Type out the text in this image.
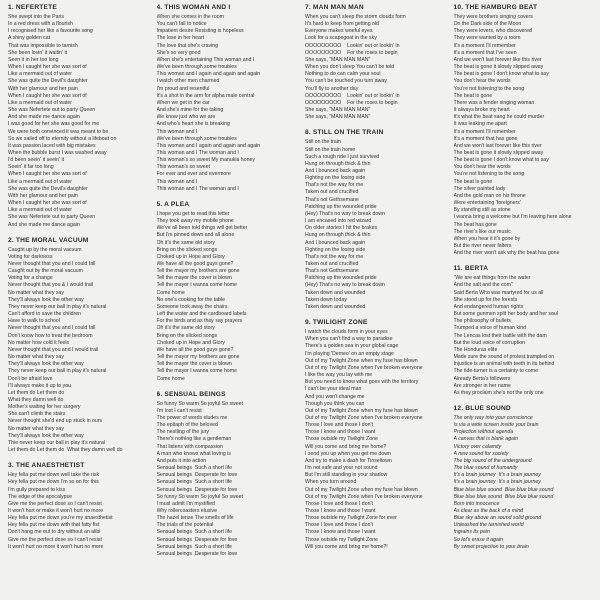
1. NEFERTETE
She swept into the Paris
In a red dress with a flourish
I recognised her like a favourite song
A shiny golden cat
That was impossible to tarnish
She been lovin' it waitin' it
Seen it in her too long
When I caught her she was sort of
Like a mermaid out of water
She was quite the Devil's daughter
With her glamour and her pain
When I caught her she was sort of
Like a mermaid out of water
She was Nefertete out to party Queen
And she made me dance again
I was good for her she was good for me
We were both convinced it was meant to be
So we sailed off to eternity without a lifeboat on
It was passion laced with big mistakes
When the bubble burst I was washed away
I'd been seein' it seein' it
Seein' it far too long
When I caught her she was sort of
Like a mermaid out of water
She was quite the Devil's daughter
With her glamour and her pain
When I caught her she was sort of
Like a mermaid out of water
She was Nefertete out to party Queen
And she made me dance again
2. THE MORAL VACUUM
Caught up by the moral vacuum
Voting for darkness
Never thought that you and I could fall
Caught out by the moral vacuum
Voting for a change
Never thought that you & I would trail
No matter what they say
They'll always look the other way
They never keep our ball in play it's natural
Can't afford to save the children
Have to walk to school
Never thought that you and I could fall
Don't know how to treat the bedroom
No matter how cold it feels
Never thought that you and I would trail
No matter what they say
They'll always look the other way
They never keep our ball in play it's natural
Don't be afraid love
I'll always make it up to you
Let them do Let them do
What they damn well do
Mother's waiting for her surgery
She can't climb the stairs
Never thought she'd end up stuck in ours
No matter what they say
They'll always look the other way
Thie never keep our ball in play it's natural
Let them do Let them do  What they damn well do
3. THE ANAESTHETIST
Hey fella put me down well take the risk
Hey fella put me down I'm so on for this
I'm gully prepared to kiss
The edge of the apocalypse
Give me the perfect dose so I can't resist
It won't hurt or make it won't hurt no more
Hey fella put me down you're my anaesthetist
Hey fella put me down with that fatty fist
Don't hang me out to dry without an alibi
Give me the perfect dose so I can't resist
It won't hurt no more it won't hurt no more
4. THIS WOMAN AND I
When she comes in the room
You can't fail to notice
Impatient desire Resisting is hopeless
The lose in her heart
The love that she's craving
She's so very good
When she's entertaining This woman and I
We've been through some troubles
This woman and I again and again and again
I watch other men charmed
I'm proud and resentful
It's a shot in the arm for alpha male central
When we get in the car
And she's mine for the taking
We know just who we are
And who's heart she is breaking
This woman and I
We've been through some troubles
This woman and I again and again and again
This woman and I The woman and I
This woman's so sweet My manukia honey
This woman's so sweet
For ever and ever and evermore
This woman and I
This woman and I The woman and I
5. A PLEA
I hope you get to read this letter
They took away my mobile phone
We've all been told things will get better
But I'm pinned down and all alone
Oh it's the same old story
Bring on the slicked songs
Choked up in Hope and Glory
We have all the good guys gone?
Tell the mayor my brothers are gone
Tell the mayor the cover is blown
Tell the mayor I wanna come home
Come home
No one's cooking for the table
Someone took away the chairs
Left the water and the cardboard labels
For the birds and as they say prayers
Oh it's the same old story
Bring on the slicked songs
Choked up in Hope and Glory
We have all the good guys gone?
Tell the mayor my brothers are gone
Tell the mayor the cover is blown
Tell the mayor I wanna come home
Come home
6. SENSUAL BEINGS
So funny So warm So joyful So sweet
I'm lost I can't resist
The power of words eludes me
The epitaph of the beloved
The nestling of the jury
There's nothing like a gentleman
That listens with compassion
A man who knows what loving is
And puts it into action
Sensual beings  Such a short life
Sensual beings  Desperate for love
Sensual beings  Such a short life
Sensual beings  Desperate for love
So funny So warm So joyful So sweet
I must admit I'm mystified
Why rollercoasters elusive
The hazel tense The smells of life
The trials of the potential
Sensual beings  Such a short life
Sensual beings  Desperate for love
Sensual beings  Such a short life
Sensual beings  Desperate for love
7. MAN MAN MAN
When you can't sleep the storm clouds form
It's hard to keep from getting old
Everyone makes woeful eyes
Look for a scapegoat in the sky
OOOOOOOOO    Lookin' out or lookin' in
OOOOOOOOO    For the roses to begin
She says, "MAN MAN MAN"
When you don't sleep You can't be told
Nothing to do can calm your soul
You can't be touched you turn away
You'll fly to another day
OOOOOOOOO    Lookin' out or lookin' in
OOOOOOOOO    For the roses to begin
She says, "MAN MAN MAN"
She says, "MAN MAN MAN"
8. STILL ON THE TRAIN
Still on the train
Still on the train home
Such a rough ride I just survived
Hung on through thick & thin
And I bounced back again
Fighting on the losing side
That's not the way for me
Taken out and crucified
That's not Gethsemane
Patching up the wounded pride
(Hey) That's no way to break down
I am encased into red wizard
On older stories I hit the brakes
Hung on through thick & thin
And I bounced back again
Fighting on the losing side
That's not the way for me
Taken out and crucified
That's not Gethsemane
Patching up the wounded pride
(Hey) That's no way to break down
Taken down and wounded
Taken down today
Taken down and wounded
9. TWILIGHT ZONE
I watch the clouds form in your eyes
When you can't find a way to paradise
There's a golden sea in your global cage
I'm playing 'Demeo' on an empty stage
Out of my Twilight Zone when my fuse has blown
Out of my Twilight Zone when I've broken everyone
I like the way you lay with me
But you need to know what goes with the territory
I can't be your ideal man
And you won't change me
Though you think you can
Out of my Twilight Zone when my fuse has blown
Out of my Twilight Zone when I've broken everyone
Those I love and those I don't
Those I know and those I want
Those outside my Twilight Zone
Will you come and bring me home?
I send you up when you get me down
And try to make a dash for Tinseltown
I'm not safe and your not sound
But I'm still standing in your shadow
When you turn around
Out of my Twilight Zone when my fuse has blown
Out of my Twilight Zone when I've broken everyone
Those I love and those I don't
Those I know and those I want
Those outside my Twilight Zone for ever
Those I love and those I don't
Those I know and those I want
Those outside my Twilight Zone
Will you come and bring me home?!
10. THE HAMBURG BEAT
They were brothers singing covers
On the Dark side of the Moon
They were lovers, who discovered
They were wanted by a room
It's a moment I'll remember
It's a moment that I've seen
And we won't last forever like this river
The beat is gone it slowly slipped away
The beat is gone I don't know what to say
You don't hear the words
You're not listening to the song
The beat is gone
There was a fender singing woman
It always broke my heart
It's what the beat sang he could murder
It was leaking me apart
It's a moment I'll remember
It's a moment that has gone
And we won't last forever like this river
The beat is gone it slowly slipped away
The beat is gone I don't know what to say
You don't hear the words
You're not listening to the song
The beat is gone
The silver painted lady
And the gold man on his throne
Were entertaining 'foreigners'
By standing still as stone
I wanna bring a welcome but I'm leaving here alone
The beat has gone
The river's like our music
When you hear it it's gone by
But the river never falters
And the river won't ask why the beat has gone
11. BERTA
"We are eat things from the water
And the salt and the corn"
Said Berta Who was martyred for us all
She stood up for the forests
And endangered human rights
But some gunmen split her body and her soul
The philosophy of bullets
Trumped a voice of human kind
The Lencas lost their battle with the dam
But the loud voice of corruption
The Honduras elite
Made sure the sound of protest trampled on
Injustice is an animal with teeth in its behind
The tide-turner is a certainty to come
Already Berta's followers
Are stronger in her name
As they proclaim she's not the only one
12. BLUE SOUND
The only way into your conscience
Is via a wide screen inside your brain
Projection without agenda
A canvas that is blank again
Victory over calamity
A new sound for society
The big sound of the underground
The blue sound of humanity
It's a brain journey  It's a brain journey
It's a brain journey  It's a brain journey
Blue blue blue sound  Blue blue blue sound
Blue blue blue sound  Blue blue blue sound
Born into innocence
As clear as the back of a mind
Blue sky above an sound solid ground
Unleashed the tarnished world
Ingrains its pain
So let's erase it again
By sweet projection to your brain
